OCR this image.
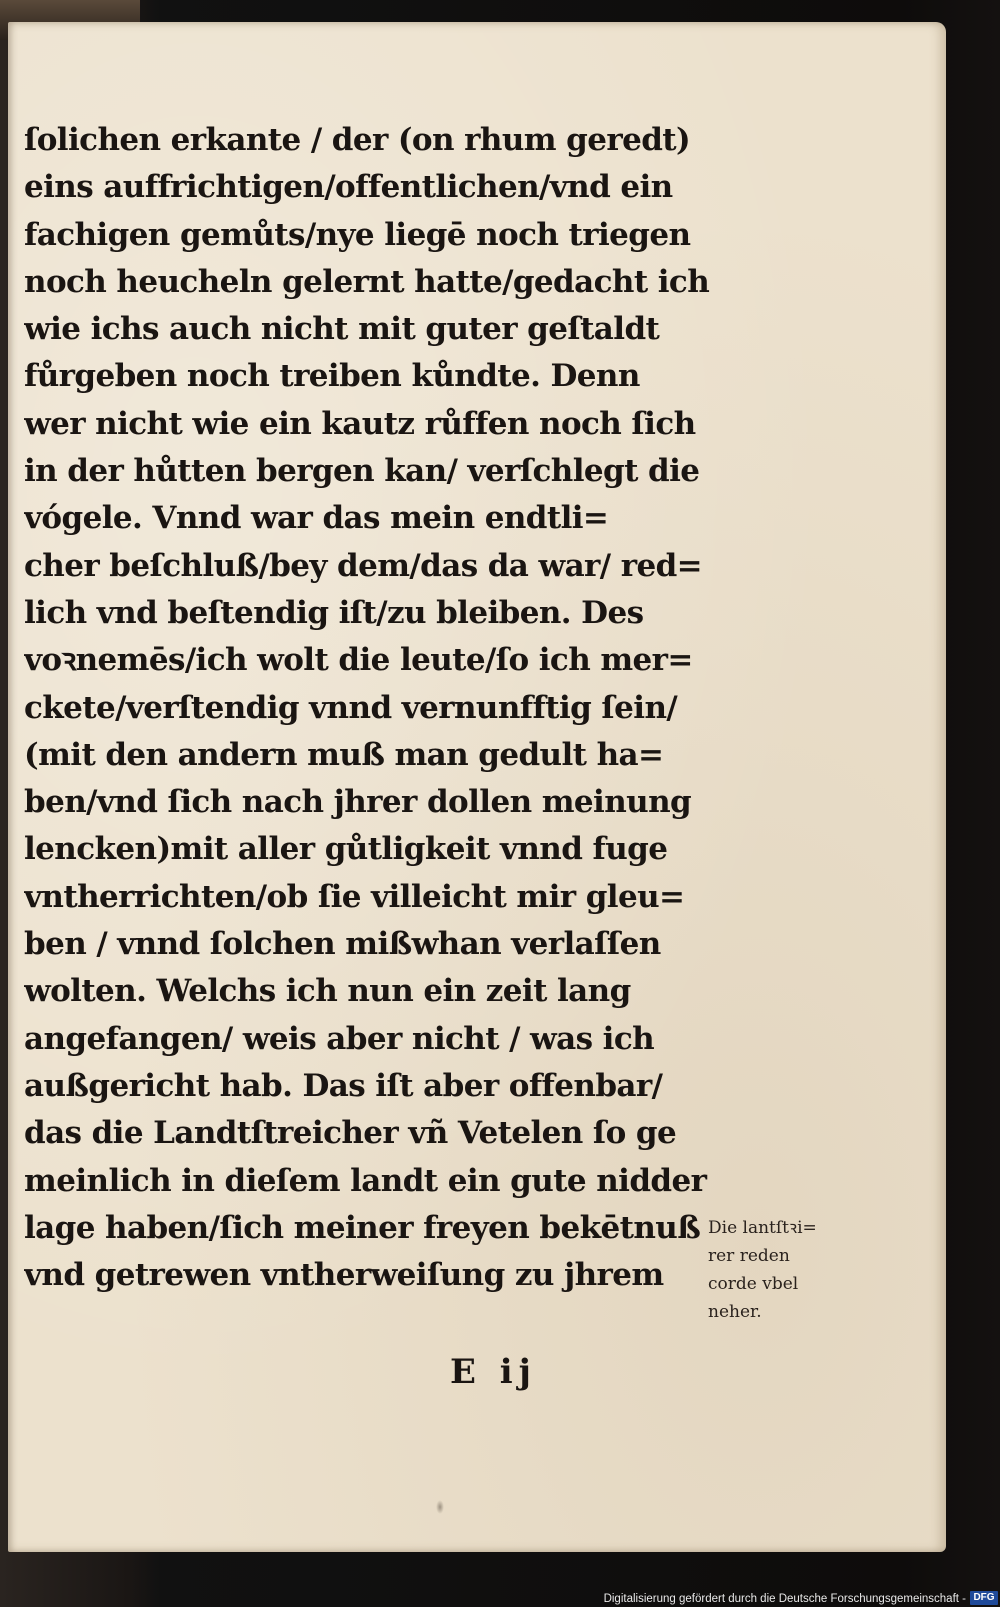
ſolichen erkante / der (on rhum geredt)
eins auffrichtigen/offentlichen/vnd ein
fachigen gemůts/nye liegē noch triegen
noch heucheln gelernt hatte/gedacht ich
wie ichs auch nicht mit guter geſtaldt
fůrgeben noch treiben kůndte. Denn
wer nicht wie ein kautz růffen noch ſich
in der hůtten bergen kan/ verſchlegt die
vógele. Vnnd war das mein endtli=
cher beſchluß/bey dem/das da war/ red=
lich vnd beſtendig iſt/zu bleiben. Des
voꝛnemēs/ich wolt die leute/ſo ich mer=
ckete/verſtendig vnnd vernunfftig ſein/
(mit den andern muß man gedult ha=
ben/vnd ſich nach jhrer dollen meinung
lencken)mit aller gůtligkeit vnnd fuge
vntherrichten/ob ſie villeicht mir gleu=
ben / vnnd ſolchen mißwhan verlaſſen
wolten. Welchs ich nun ein zeit lang
angefangen/ weis aber nicht / was ich
außgericht hab. Das iſt aber offenbar/
das die Landtſtreicher vñ Vetelen ſo ge
meinlich in dieſem landt ein gute nidder
lage haben/ſich meiner freyen bekētnuß
vnd getrewen vntherweiſung zu jhrem
Die lantſtꝛi=
rer reden
corde vbel
neher.
E ij
Digitalisierung gefördert durch die Deutsche Forschungsgemeinschaft - DFG
